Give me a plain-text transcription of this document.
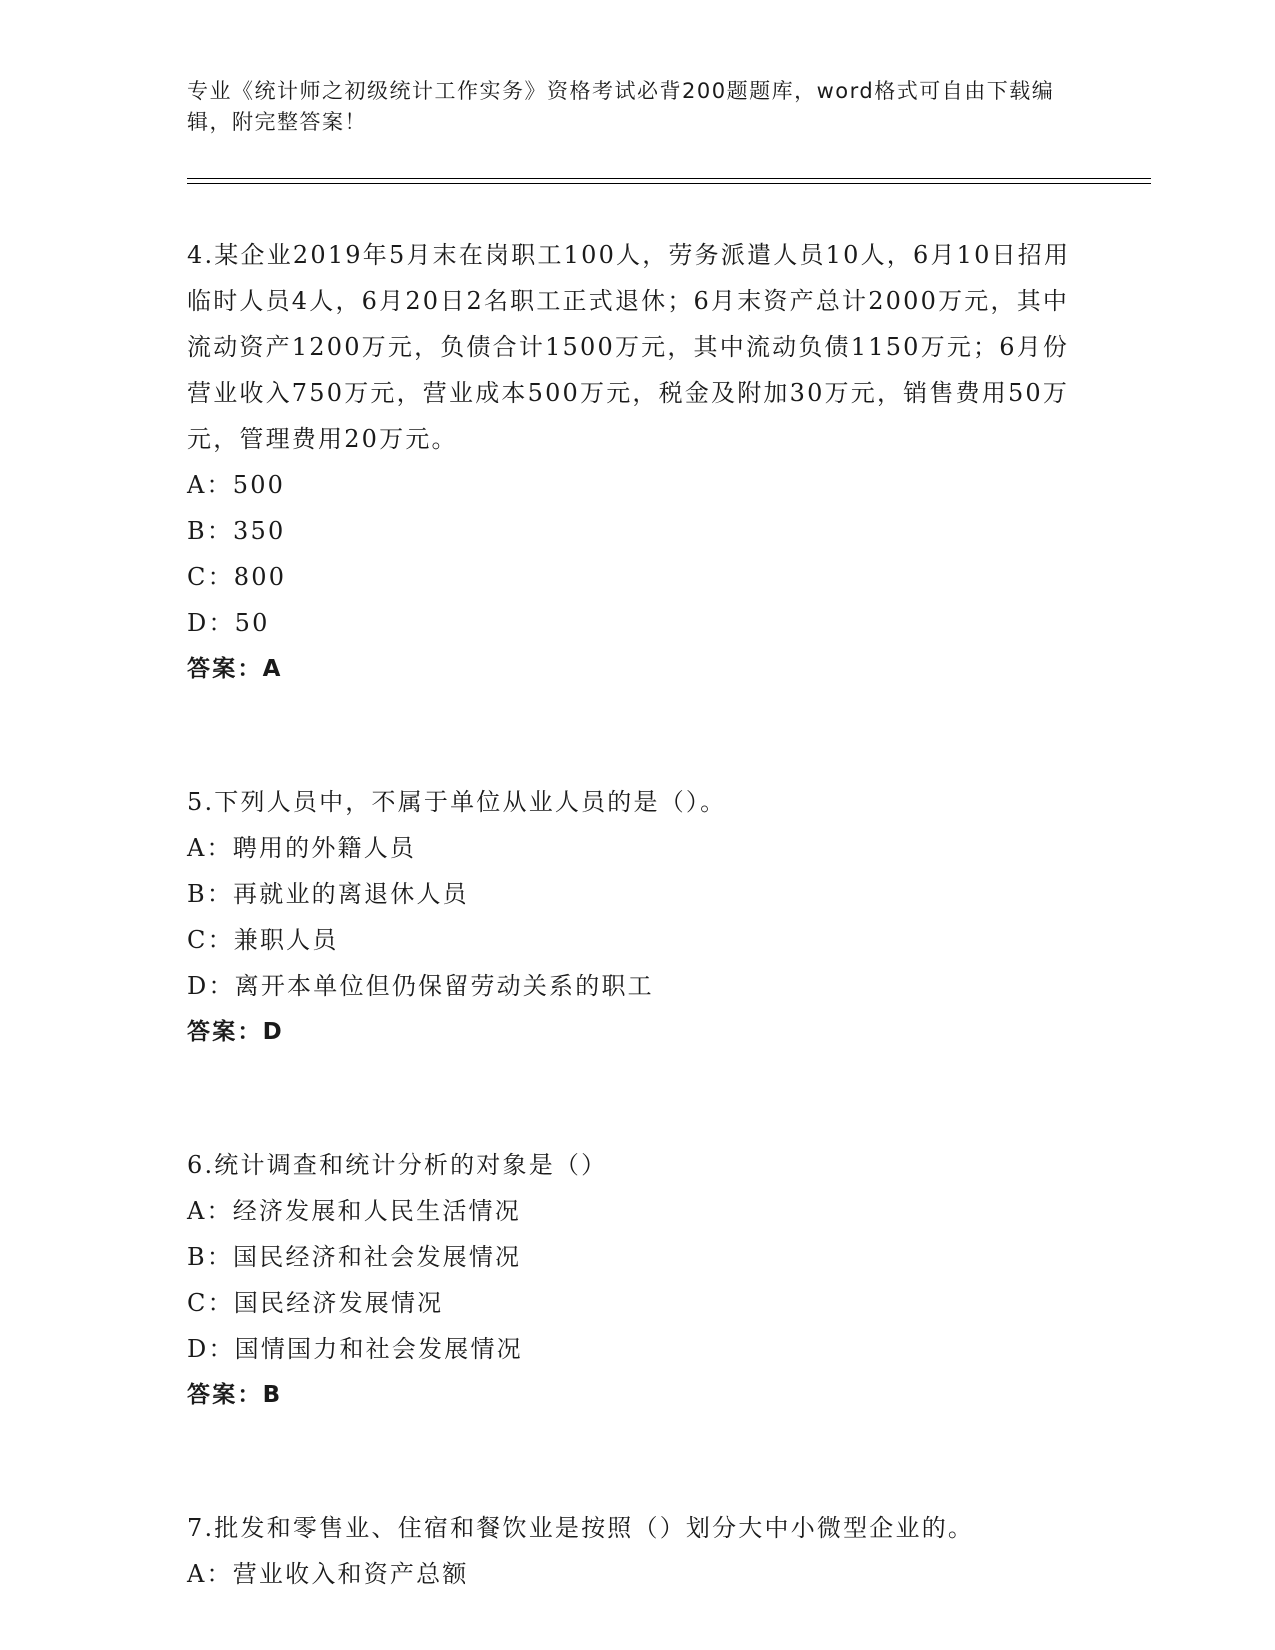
专业《统计师之初级统计工作实务》资格考试必背200题题库，word格式可自由下载编辑，附完整答案！
4.某企业2019年5月末在岗职工100人，劳务派遣人员10人，6月10日招用临时人员4人，6月20日2名职工正式退休；6月末资产总计2000万元，其中流动资产1200万元，负债合计1500万元，其中流动负债1150万元；6月份营业收入750万元，营业成本500万元，税金及附加30万元，销售费用50万元，管理费用20万元。
A：500
B：350
C：800
D：50
答案：A
5.下列人员中，不属于单位从业人员的是（）。
A：聘用的外籍人员
B：再就业的离退休人员
C：兼职人员
D：离开本单位但仍保留劳动关系的职工
答案：D
6.统计调查和统计分析的对象是（）
A：经济发展和人民生活情况
B：国民经济和社会发展情况
C：国民经济发展情况
D：国情国力和社会发展情况
答案：B
7.批发和零售业、住宿和餐饮业是按照（）划分大中小微型企业的。
A：营业收入和资产总额
